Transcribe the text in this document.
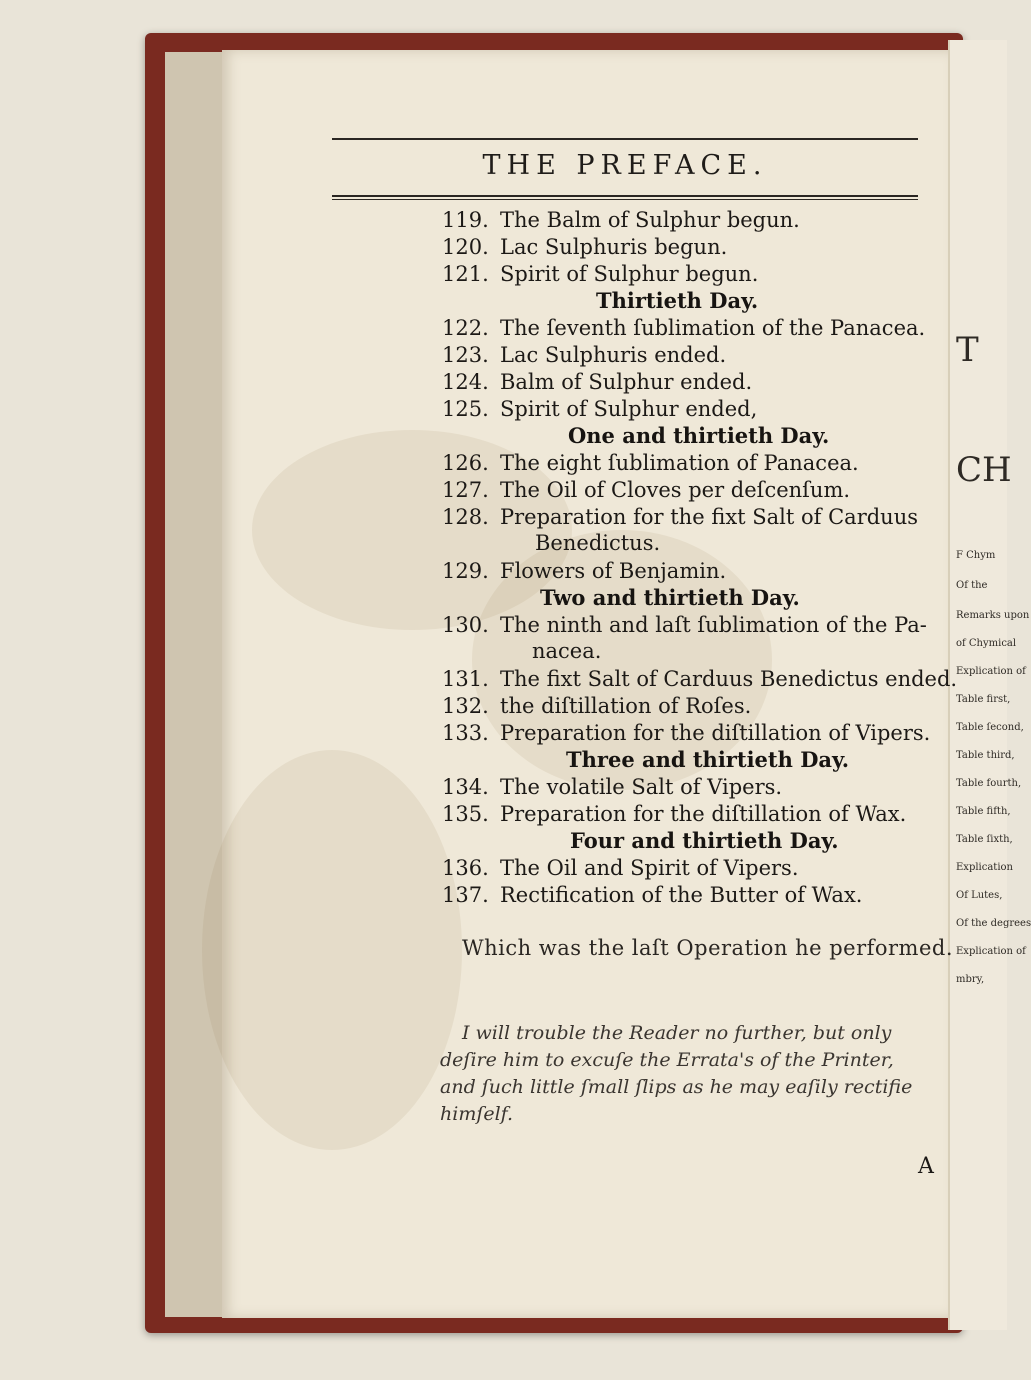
T
CH
F Chym
Of the
Remarks upon
of Chymical
Explication of
Table first,
Table ſecond,
Table third,
Table fourth,
Table fifth,
Table ſixth,
Explication
Of Lutes,
Of the degrees
Explication of
mbry,
THE PREFACE.
119. The Balm of Sulphur begun.
120. Lac Sulphuris begun.
121. Spirit of Sulphur begun.
Thirtieth Day.
122. The ſeventh ſublimation of the Panacea.
123. Lac Sulphuris ended.
124. Balm of Sulphur ended.
125. Spirit of Sulphur ended,
One and thirtieth Day.
126. The eight ſublimation of Panacea.
127. The Oil of Cloves per deſcenſum.
128. Preparation for the fixt Salt of Carduus
Benedictus.
129. Flowers of Benjamin.
Two and thirtieth Day.
130. The ninth and laſt ſublimation of the Pa-
nacea.
131. The fixt Salt of Carduus Benedictus ended.
132. the diſtillation of Roſes.
133. Preparation for the diſtillation of Vipers.
Three and thirtieth Day.
134. The volatile Salt of Vipers.
135. Preparation for the diſtillation of Wax.
Four and thirtieth Day.
136. The Oil and Spirit of Vipers.
137. Rectification of the Butter of Wax.
Which was the laſt Operation he performed.
I will trouble the Reader no further, but only
deſire him to excuſe the Errata's of the Printer,
and ſuch little ſmall ſlips as he may eaſily rectifie
himſelf.
A
